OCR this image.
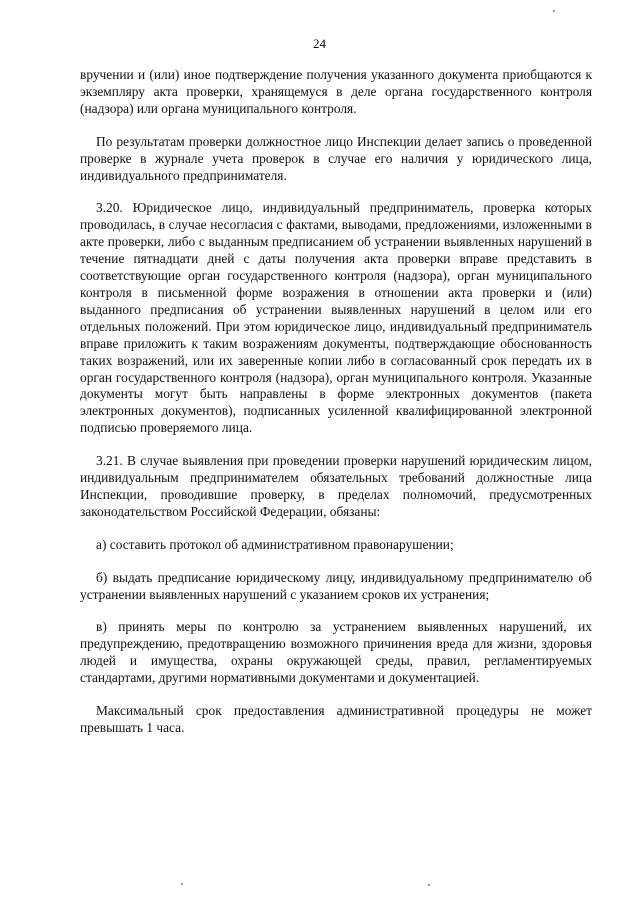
24

вручении и (или) иное подтверждение получения указанного документа приобщаются к экземпляру акта проверки, хранящемуся в деле органа государственного контроля (надзора) или органа муниципального контроля.

По результатам проверки должностное лицо Инспекции делает запись о проведенной проверке в журнале учета проверок в случае его наличия у юридического лица, индивидуального предпринимателя.

3.20. Юридическое лицо, индивидуальный предприниматель, проверка которых проводилась, в случае несогласия с фактами, выводами, предложениями, изложенными в акте проверки, либо с выданным предписанием об устранении выявленных нарушений в течение пятнадцати дней с даты получения акта проверки вправе представить в соответствующие орган государственного контроля (надзора), орган муниципального контроля в письменной форме возражения в отношении акта проверки и (или) выданного предписания об устранении выявленных нарушений в целом или его отдельных положений. При этом юридическое лицо, индивидуальный предприниматель вправе приложить к таким возражениям документы, подтверждающие обоснованность таких возражений, или их заверенные копии либо в согласованный срок передать их в орган государственного контроля (надзора), орган муниципального контроля. Указанные документы могут быть направлены в форме электронных документов (пакета электронных документов), подписанных усиленной квалифицированной электронной подписью проверяемого лица.

3.21. В случае выявления при проведении проверки нарушений юридическим лицом, индивидуальным предпринимателем обязательных требований должностные лица Инспекции, проводившие проверку, в пределах полномочий, предусмотренных законодательством Российской Федерации, обязаны:

а) составить протокол об административном правонарушении;

б) выдать предписание юридическому лицу, индивидуальному предпринимателю об устранении выявленных нарушений с указанием сроков их устранения;

в) принять меры по контролю за устранением выявленных нарушений, их предупреждению, предотвращению возможного причинения вреда для жизни, здоровья людей и имущества, охраны окружающей среды, правил, регламентируемых стандартами, другими нормативными документами и документацией.

Максимальный срок предоставления административной процедуры не может превышать 1 часа.
